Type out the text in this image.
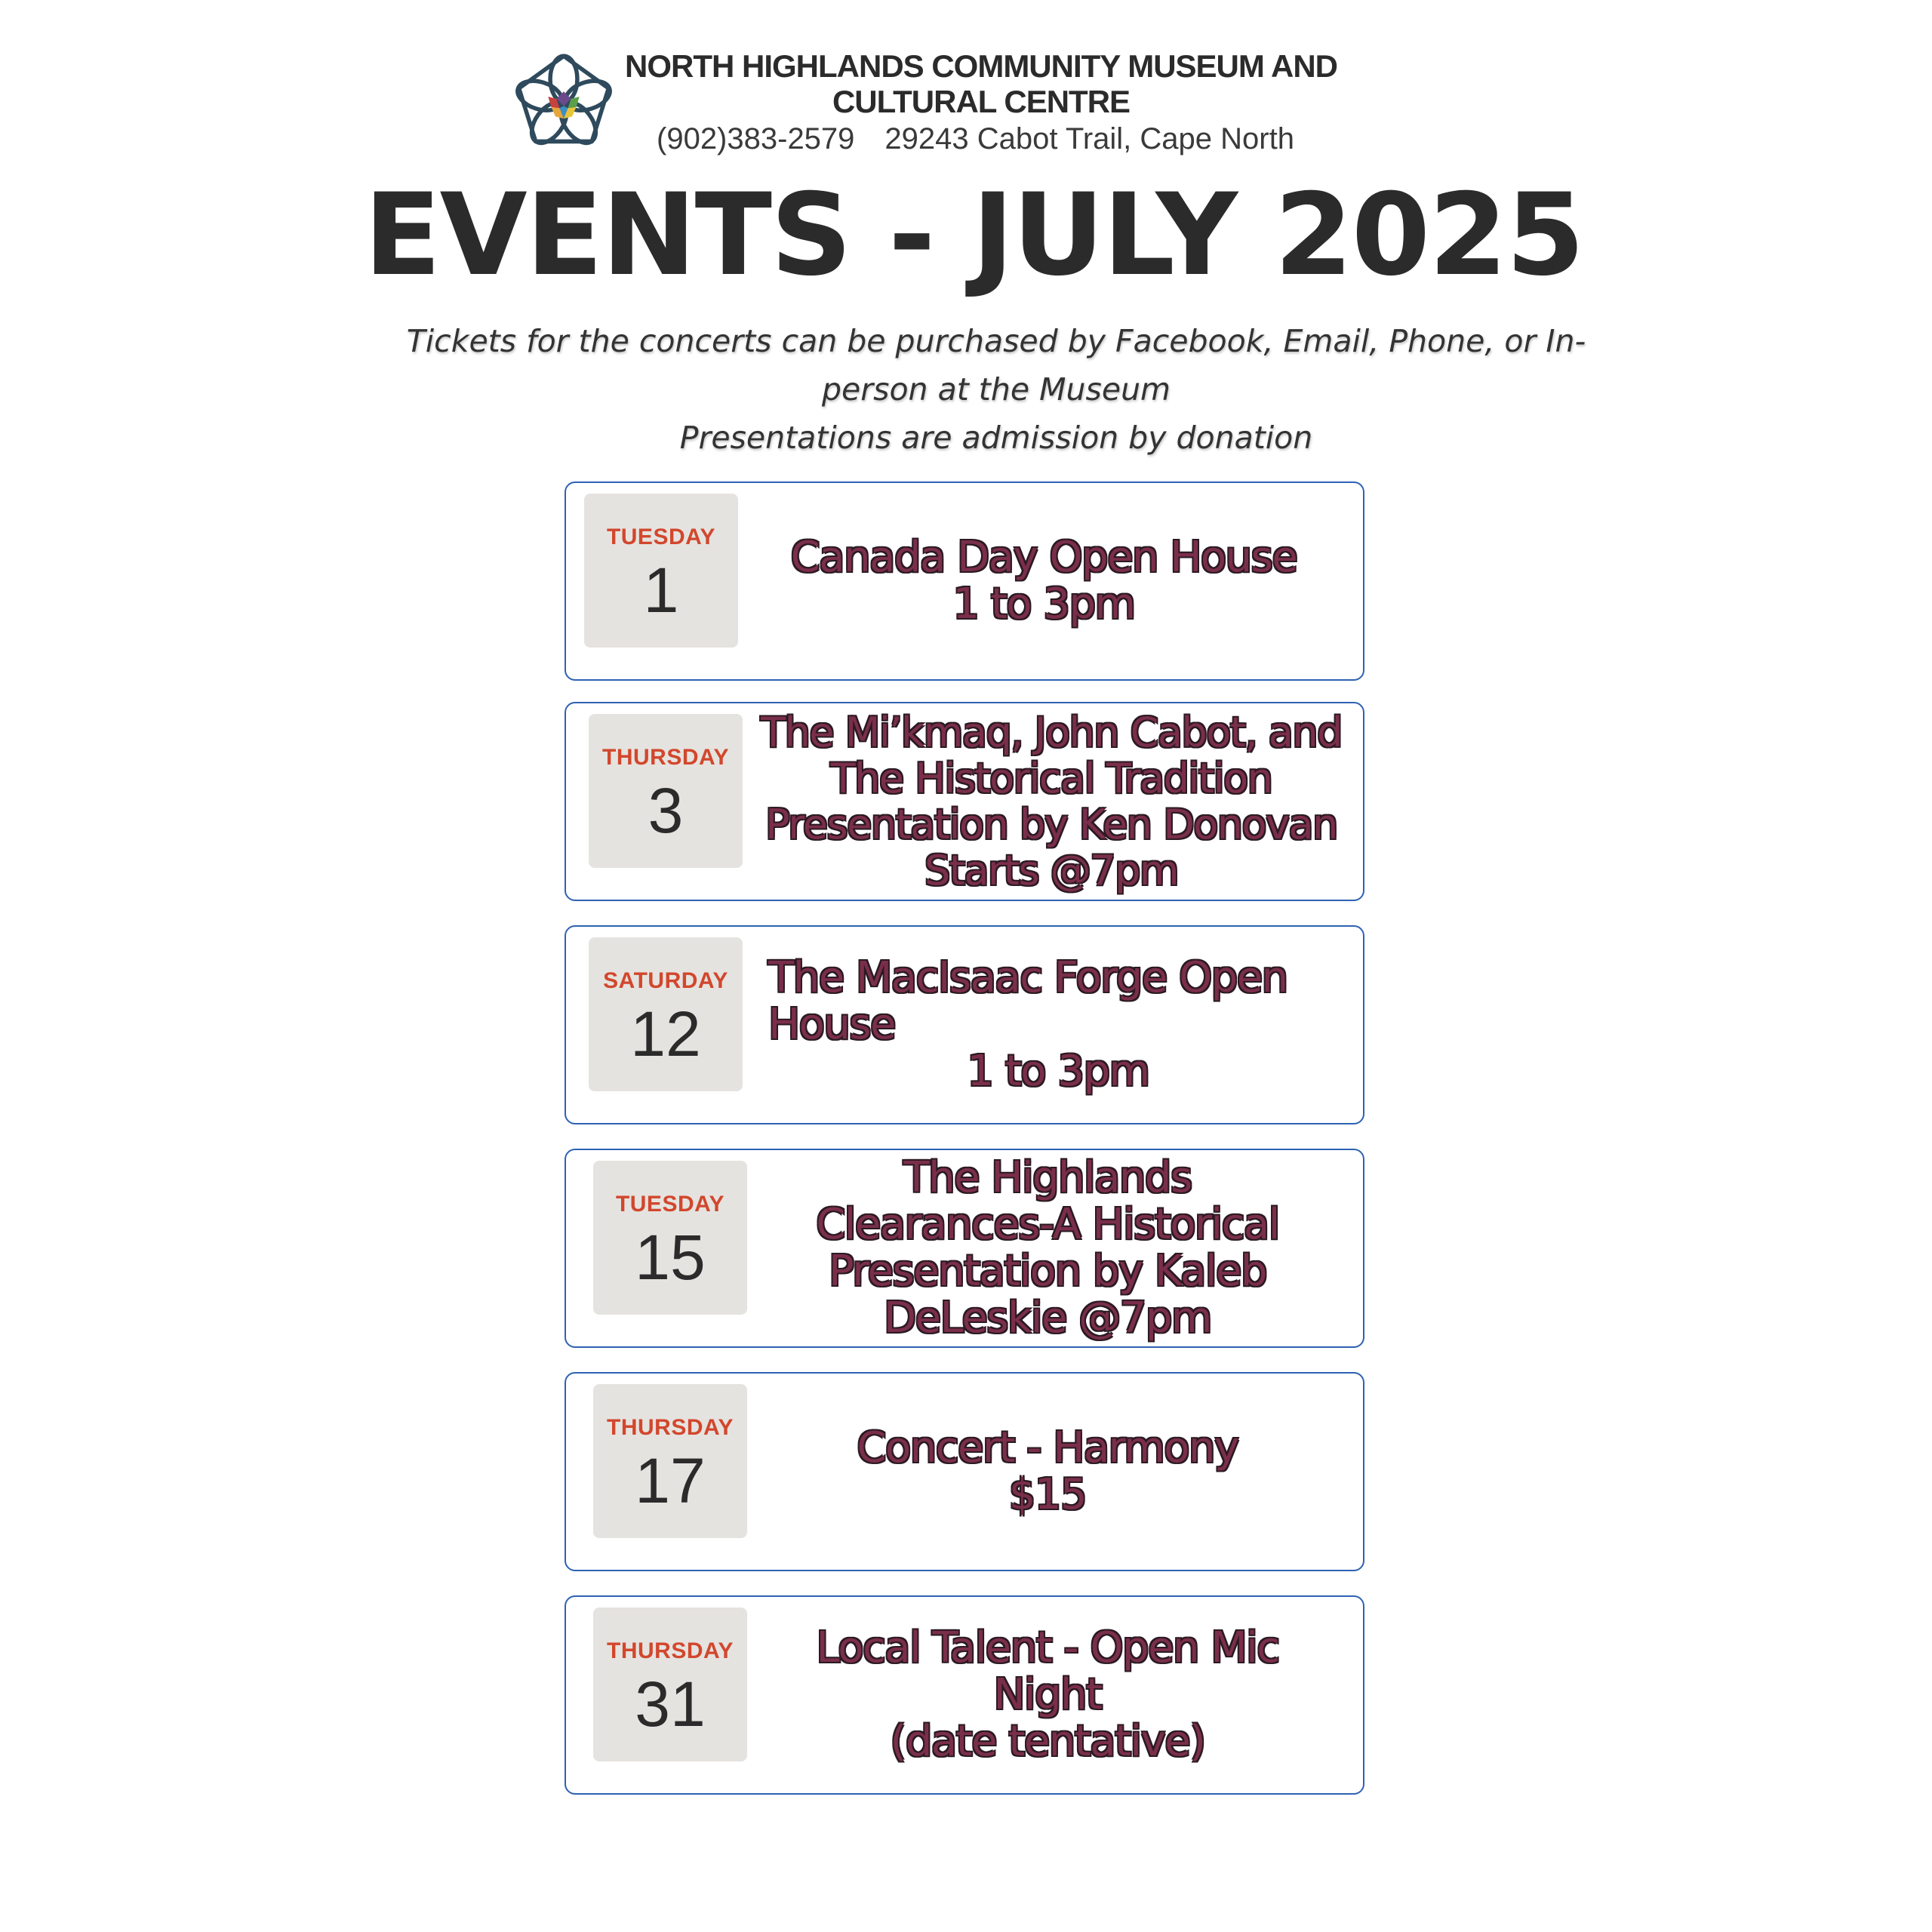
NORTH HIGHLANDS COMMUNITY MUSEUM AND
CULTURAL CENTRE
(902)383-2579 29243 Cabot Trail, Cape North
EVENTS - JULY 2025
Tickets for the concerts can be purchased by Facebook, Email, Phone, or In-
person at the Museum
Presentations are admission by donation
TUESDAY
1	Canada Day Open House
1 to 3pm
THURSDAY
3
The Mi’kmaq, John Cabot, and
The Historical Tradition
Presentation by Ken Donovan
Starts @7pm
SATURDAY
12
The MacIsaac Forge Open
House
1 to 3pm
TUESDAY
15
The Highlands
Clearances-A Historical
Presentation by Kaleb
DeLeskie @7pm
THURSDAY
17	Concert - Harmony
$15
THURSDAY
31
Local Talent - Open Mic
Night
(date tentative)
